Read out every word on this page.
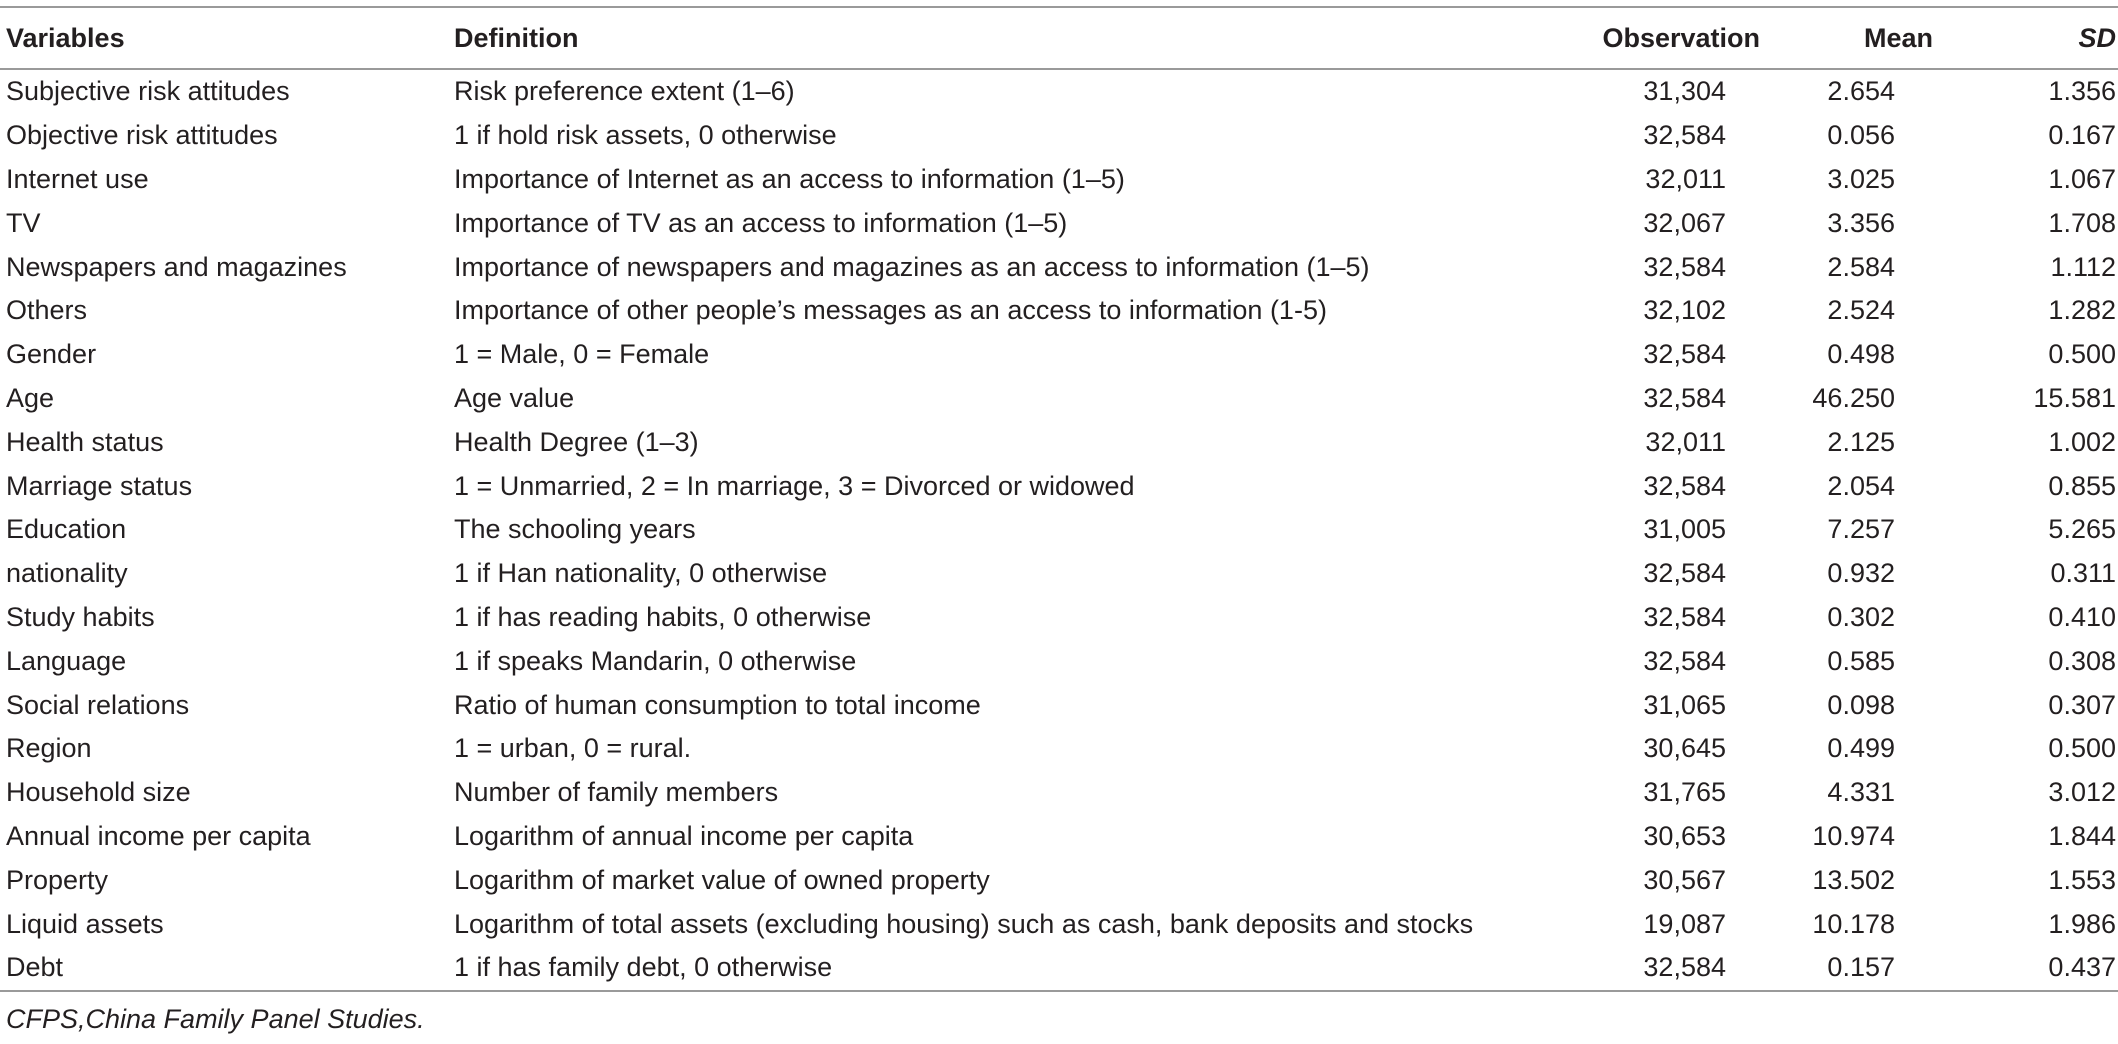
Variables	Definition	Observation	Mean	SD
Subjective risk attitudes	Risk preference extent (1–6)	31,304	2.654	1.356
Objective risk attitudes	1 if hold risk assets, 0 otherwise	32,584	0.056	0.167
Internet use	Importance of Internet as an access to information (1–5)	32,011	3.025	1.067
TV	Importance of TV as an access to information (1–5)	32,067	3.356	1.708
Newspapers and magazines	Importance of newspapers and magazines as an access to information (1–5)	32,584	2.584	1.112
Others	Importance of other people’s messages as an access to information (1-5)	32,102	2.524	1.282
Gender	1 = Male, 0 = Female	32,584	0.498	0.500
Age	Age value	32,584	46.250	15.581
Health status	Health Degree (1–3)	32,011	2.125	1.002
Marriage status	1 = Unmarried, 2 = In marriage, 3 = Divorced or widowed	32,584	2.054	0.855
Education	The schooling years	31,005	7.257	5.265
nationality	1 if Han nationality, 0 otherwise	32,584	0.932	0.311
Study habits	1 if has reading habits, 0 otherwise	32,584	0.302	0.410
Language	1 if speaks Mandarin, 0 otherwise	32,584	0.585	0.308
Social relations	Ratio of human consumption to total income	31,065	0.098	0.307
Region	1 = urban, 0 = rural.	30,645	0.499	0.500
Household size	Number of family members	31,765	4.331	3.012
Annual income per capita	Logarithm of annual income per capita	30,653	10.974	1.844
Property	Logarithm of market value of owned property	30,567	13.502	1.553
Liquid assets	Logarithm of total assets (excluding housing) such as cash, bank deposits and stocks	19,087	10.178	1.986
Debt	1 if has family debt, 0 otherwise	32,584	0.157	0.437
CFPS,China Family Panel Studies.
